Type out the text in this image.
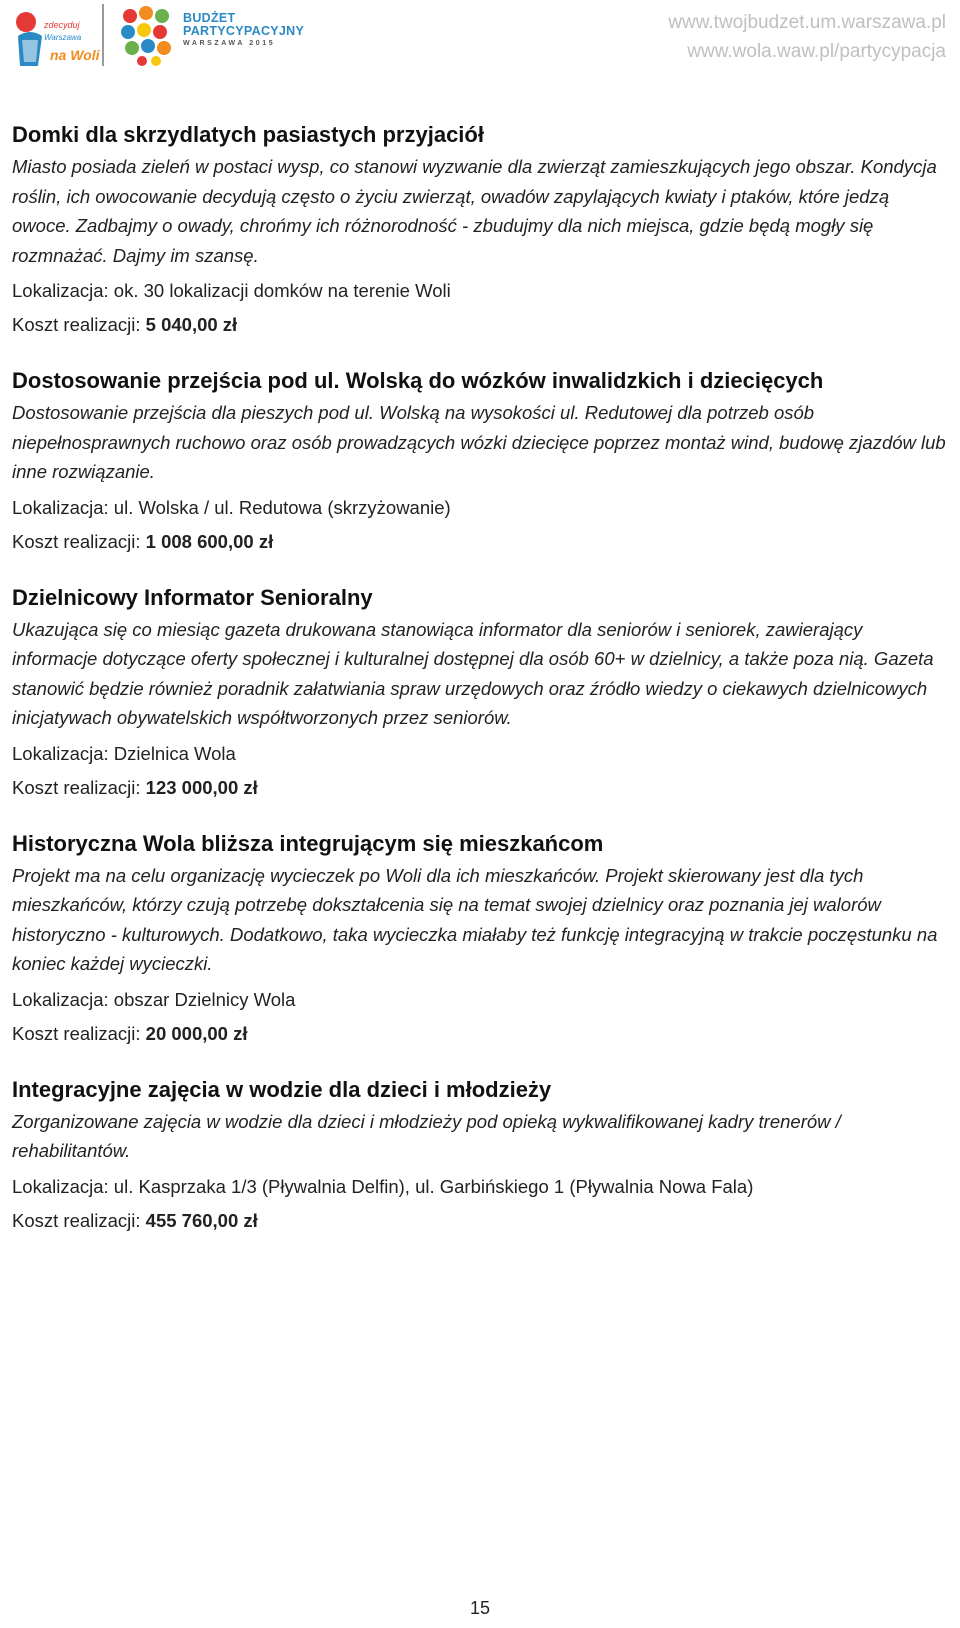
zdecyduj
Warszawa
na Woli
BUDŻET
PARTYCYPACYJNY
WARSZAWA 2015
www.twojbudzet.um.warszawa.pl
www.wola.waw.pl/partycypacja
Domki dla skrzydlatych pasiastych przyjaciół

Miasto posiada zieleń w postaci wysp, co stanowi wyzwanie dla zwierząt zamieszkujących jego obszar. Kondycja roślin, ich owocowanie decydują często o życiu zwierząt, owadów zapylających kwiaty i ptaków, które jedzą owoce. Zadbajmy o owady, chrońmy ich różnorodność - zbudujmy dla nich miejsca, gdzie będą mogły się rozmnażać. Dajmy im szansę.

Lokalizacja: ok. 30 lokalizacji domków na terenie Woli

Koszt realizacji: 5 040,00 zł

Dostosowanie przejścia pod ul. Wolską do wózków inwalidzkich i dziecięcych

Dostosowanie przejścia dla pieszych pod ul. Wolską na wysokości ul. Redutowej dla potrzeb osób niepełnosprawnych ruchowo oraz osób prowadzących wózki dziecięce poprzez montaż wind, budowę zjazdów lub inne rozwiązanie.

Lokalizacja: ul. Wolska / ul. Redutowa (skrzyżowanie)

Koszt realizacji: 1 008 600,00 zł

Dzielnicowy Informator Senioralny

Ukazująca się co miesiąc gazeta drukowana stanowiąca informator dla seniorów i seniorek, zawierający informacje dotyczące oferty społecznej i kulturalnej dostępnej dla osób 60+ w dzielnicy, a także poza nią. Gazeta stanowić będzie również poradnik załatwiania spraw urzędowych oraz źródło wiedzy o ciekawych dzielnicowych inicjatywach obywatelskich współtworzonych przez seniorów.

Lokalizacja: Dzielnica Wola

Koszt realizacji: 123 000,00 zł

Historyczna Wola bliższa integrującym się mieszkańcom

Projekt ma na celu organizację wycieczek po Woli dla ich mieszkańców. Projekt skierowany jest dla tych mieszkańców, którzy czują potrzebę dokształcenia się na temat swojej dzielnicy oraz poznania jej walorów historyczno - kulturowych. Dodatkowo, taka wycieczka miałaby też funkcję integracyjną w trakcie poczęstunku na koniec każdej wycieczki.

Lokalizacja: obszar Dzielnicy Wola

Koszt realizacji: 20 000,00 zł

Integracyjne zajęcia w wodzie dla dzieci i młodzieży

Zorganizowane zajęcia w wodzie dla dzieci i młodzieży pod opieką wykwalifikowanej kadry trenerów / rehabilitantów.

Lokalizacja: ul. Kasprzaka 1/3 (Pływalnia Delfin), ul. Garbińskiego 1 (Pływalnia Nowa Fala)

Koszt realizacji: 455 760,00 zł

15
